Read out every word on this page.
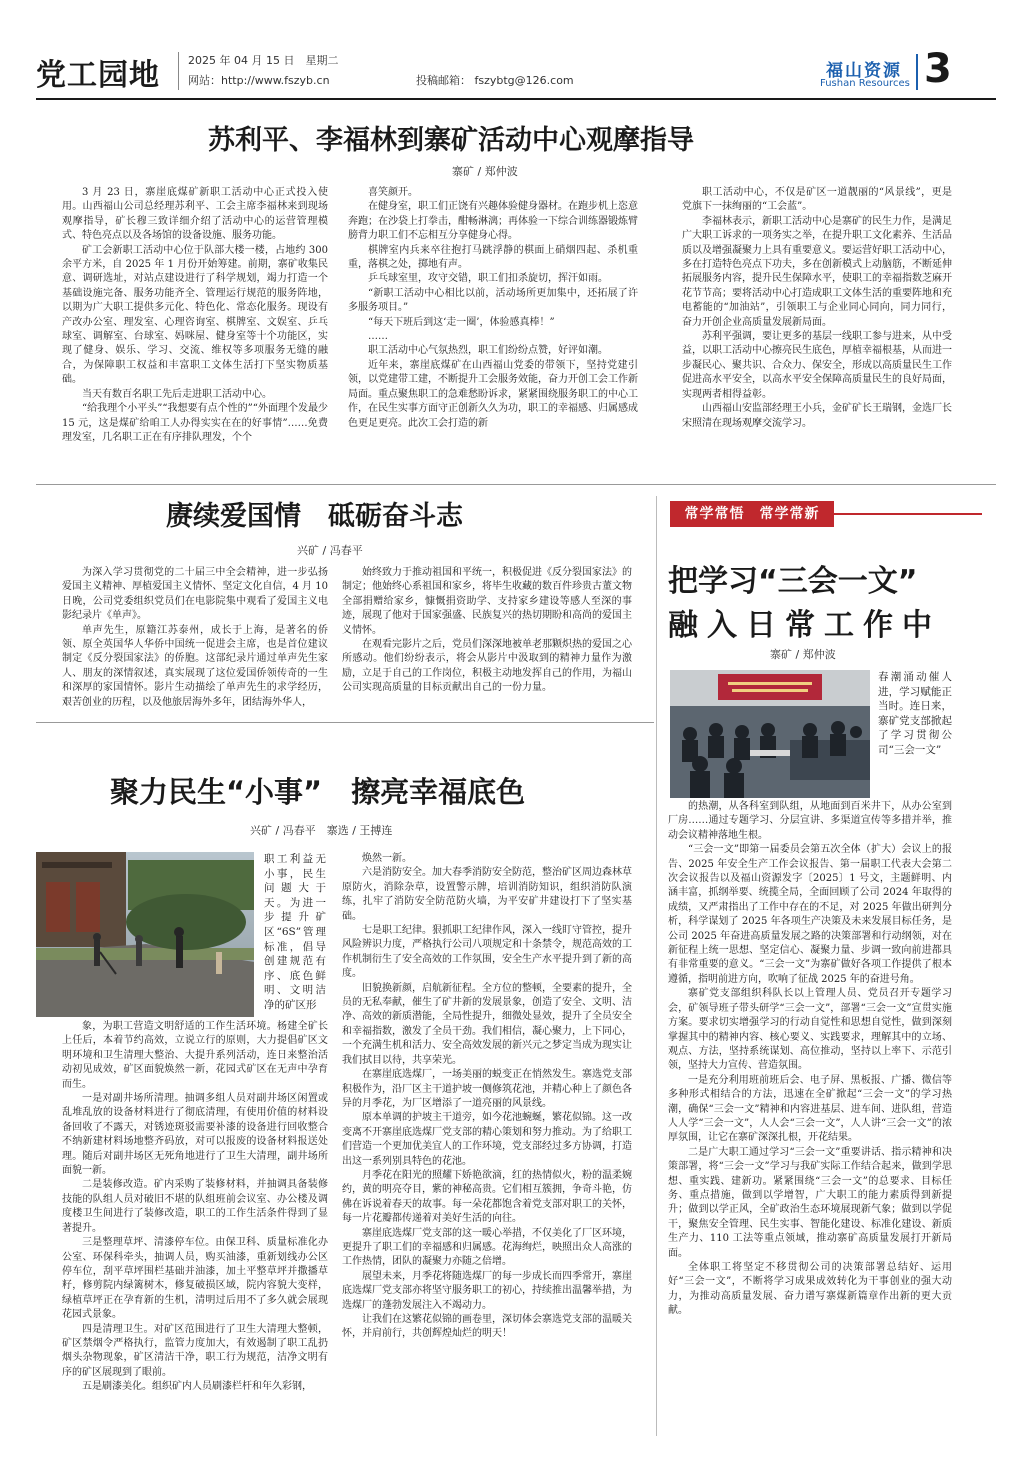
党工园地	2025 年 04 月 15 日　星期二
网站：http://www.fszyb.cn	投稿邮箱： fszybtg@126.com	福山资源
Fushan Resources 3
苏利平、李福林到寨矿活动中心观摩指导
寨矿 / 郑仲波

3 月 23 日，寨崖底煤矿新职工活动中心正式投入使用。山西福山公司总经理苏利平、工会主席李福林来到现场观摩指导，矿长穆三致详细介绍了活动中心的运营管理模式、特色亮点以及各场馆的设备设施、服务功能。

矿工会新职工活动中心位于队部大楼一楼，占地约 300 余平方米，自 2025 年 1 月份开始筹建。前期，寨矿收集民意、调研选址，对站点建设进行了科学规划，竭力打造一个基础设施完备、服务功能齐全、管理运行规范的服务阵地，以期为广大职工提供多元化、特色化、常态化服务。现设有产改办公室、理发室、心理咨询室、棋牌室、文娱室、乒乓球室、调解室、台球室、妈咪屋、健身室等十个功能区，实现了健身、娱乐、学习、交流、维权等多项服务无缝的融合，为保障职工权益和丰富职工文体生活打下坚实物质基础。

当天有数百名职工先后走进职工活动中心。

“给我理个小平头”“我想要有点个性的”“外面理个发最少 15 元，这是煤矿给咱工人办得实实在在的好事情”……免费理发室，几名职工正在有序排队理发，个个

喜笑颜开。

在健身室，职工们正饶有兴趣体验健身器材。在跑步机上恣意奔跑；在沙袋上打拳击，酣畅淋漓；再体验一下综合训练器锻炼臂膀背力职工们不忘相互分享健身心得。

棋牌室内兵来卒往抱打马跳浮静的棋面上硝烟四起、杀机重重，落棋之处，掷地有声。

乒乓球室里，攻守交错，职工们扣杀旋切，挥汗如雨。

“新职工活动中心相比以前，活动场所更加集中，还拓展了许多服务项目。”

“每天下班后到这‘走一圈’，体验感真棒！”

……

职工活动中心气氛热烈，职工们纷纷点赞，好评如潮。

近年来，寨崖底煤矿在山西福山党委的带领下，坚持党建引领，以党建带工建，不断提升工会服务效能，奋力开创工会工作新局面。重点聚焦职工的急难愁盼诉求，紧紧围绕服务职工的中心工作，在民生实事方面守正创新久久为功，职工的幸福感、归属感成色更足更亮。此次工会打造的新

职工活动中心，不仅是矿区一道靓丽的“风景线”，更是党旗下一抹绚丽的“工会蓝”。

李福林表示，新职工活动中心是寨矿的民生力作，是满足广大职工诉求的一项务实之举，在提升职工文化素养、生活品质以及增强凝聚力上具有重要意义。要运营好职工活动中心，多在打造特色亮点下功夫，多在创新模式上动脑筋，不断延伸拓展服务内容，提升民生保障水平，使职工的幸福指数芝麻开花节节高；要将活动中心打造成职工文体生活的重要阵地和充电蓄能的“加油站”，引领职工与企业同心同向，同力同行，奋力开创企业高质量发展新局面。

苏利平强调，要让更多的基层一线职工参与进来，从中受益，以职工活动中心擦亮民生底色，厚植幸福根基，从而进一步凝民心、聚共识、合众力、保安全，形成以高质量民生工作促进高水平安全，以高水平安全保障高质量民生的良好局面，实现两者相得益彰。

山西福山安监部经理王小兵，金矿矿长王瑞钢，金选厂长宋照清在现场观摩交流学习。

赓续爱国情　砥砺奋斗志
兴矿 / 冯春平

为深入学习贯彻党的二十届三中全会精神，进一步弘扬爱国主义精神、厚植爱国主义情怀、坚定文化自信，4 月 10 日晚，公司党委组织党员们在电影院集中观看了爱国主义电影纪录片《单声》。

单声先生，原籍江苏泰州，成长于上海，是著名的侨领、原全英国华人华侨中国统一促进会主席，也是首位建议制定《反分裂国家法》的侨胞。这部纪录片通过单声先生家人、朋友的深情叙述，真实展现了这位爱国侨领传奇的一生和深厚的家国情怀。影片生动描绘了单声先生的求学经历，艰苦创业的历程，以及他旅居海外多年，团结海外华人，

始终致力于推动祖国和平统一，积极促进《反分裂国家法》的制定；他始终心系祖国和家乡，将毕生收藏的数百件珍贵古董文物全部捐赠给家乡，慷慨捐资助学、支持家乡建设等感人至深的事迹，展现了他对于国家强盛、民族复兴的热切期盼和高尚的爱国主义情怀。

在观看完影片之后，党员们深深地被单老那颗炽热的爱国之心所感动。他们纷纷表示，将会从影片中汲取到的精神力量作为激励，立足于自己的工作岗位，积极主动地发挥自己的作用，为福山公司实现高质量的目标贡献出自己的一份力量。

聚力民生“小事”　擦亮幸福底色
兴矿 / 冯春平　寨选 / 王搏连
职工利益无小事，民生问题大于天。为进一步提升矿区“6S”管理标准，倡导创建规范有序、底色鲜明、文明洁净的矿区形

象，为职工营造文明舒适的工作生活环境。杨建全矿长上任后，本着节约高效，立说立行的原则，大力提倡矿区文明环境和卫生清理大整治、大提升系列活动，连日来整治活动初见成效，矿区面貌焕然一新，花园式矿区在无声中孕育而生。

一是对副井场所清理。抽调多组人员对副井场区闲置或乱堆乱放的设备材料进行了彻底清理，有使用价值的材料设备回收了不露天，对锈迹斑驳需要补漆的设备进行回收整合不纳新建材料场地整齐码放，对可以报废的设备材料报送处理。随后对副井场区无死角地进行了卫生大清理，副井场所面貌一新。

二是装修改造。矿内采购了装修材料，并抽调具备装修技能的队组人员对破旧不堪的队组班前会议室、办公楼及调度楼卫生间进行了装修改造，职工的工作生活条件得到了显著提升。

三是整理草坪、清漆停车位。由保卫科、质量标准化办公室、环保科牵头，抽调人员，购买油漆，重新划线办公区停车位，刮平草坪围栏基础并油漆，加土平整草坪并撒播草籽，修剪院内绿篱树木，修复破损区域，院内容貌大变样，绿植草坪正在孕育新的生机，清明过后用不了多久就会展现花园式景象。

四是清理卫生。对矿区范围进行了卫生大清理大整顿，矿区禁烟令严格执行，监管力度加大，有效遏制了职工乱扔烟头杂物现象，矿区清洁干净，职工行为规范，洁净文明有序的矿区展现到了眼前。

五是刷漆美化。组织矿内人员刷漆栏杆和年久彩钢，

焕然一新。

六是消防安全。加大春季消防安全防范，整治矿区周边森林草原防火，消除杂草，设置警示牌，培训消防知识，组织消防队演练，扎牢了消防安全防范防火墙，为平安矿井建设打下了坚实基础。

七是职工纪律。狠抓职工纪律作风，深入一线盯守管控，提升风险辨识力度，严格执行公司八项规定和十条禁令，规范高效的工作机制衍生了安全高效的工作氛围，安全生产水平提升到了新的高度。

旧貌换新颜，启航新征程。全方位的整顿，全要素的提升，全员的无私奉献，催生了矿井新的发展景象，创造了安全、文明、洁净、高效的新质潜能，全局性提升，细微处显效，提升了全员安全和幸福指数，激发了全员干劲。我们相信，凝心聚力，上下同心，一个充满生机和活力、安全高效发展的新兴元之梦定当成为现实让我们拭目以待，共享荣光。

在寨崖底选煤厂，一场美丽的蜕变正在悄然发生。寨选党支部积极作为，沿厂区主干道护坡一侧修筑花池，并精心种上了颜色各异的月季花，为厂区增添了一道亮丽的风景线。

原本单调的护坡主干道旁，如今花池蜿蜒，繁花似锦。这一改变离不开寨崖底选煤厂党支部的精心策划和努力推动。为了给职工们营造一个更加优美宜人的工作环境，党支部经过多方协调，打造出这一系列别具特色的花池。

月季花在阳光的照耀下娇艳欲滴，红的热情似火，粉的温柔婉约，黄的明亮夺目，紫的神秘高贵。它们相互簇拥，争奇斗艳，仿佛在诉说着春天的故事。每一朵花都饱含着党支部对职工的关怀，每一片花瓣都传递着对美好生活的向往。

寨崖底选煤厂党支部的这一暖心举措，不仅美化了厂区环境，更提升了职工们的幸福感和归属感。花海绚烂，映照出众人高涨的工作热情，团队的凝聚力亦随之倍增。

展望未来，月季花将随选煤厂的每一步成长而四季常开，寨崖底选煤厂党支部亦将坚守服务职工的初心，持续推出温馨举措，为选煤厂的蓬勃发展注入不竭动力。

让我们在这繁花似锦的画卷里，深切体会寨选党支部的温暖关怀，并肩前行，共创辉煌灿烂的明天！

常学常悟　常学常新
把学习“三会一文”
融入日常工作中
寨矿 / 郑仲波
春潮涌动催人进，学习赋能正当时。连日来，寨矿党支部掀起了学习贯彻公司“三会一文”

的热潮，从各科室到队组，从地面到百米井下，从办公室到厂房……通过专题学习、分层宣讲、多渠道宣传等多措并举，推动会议精神落地生根。

“三会一文”即第一届委员会第五次全体（扩大）会议上的报告、2025 年安全生产工作会议报告、第一届职工代表大会第二次会议报告以及福山资源发字〔2025〕1 号文，主题鲜明、内涵丰富，抓纲举要、统揽全局，全面回顾了公司 2024 年取得的成绩，又严肃指出了工作中存在的不足，对 2025 年做出研判分析，科学谋划了 2025 年各项生产决策及未来发展目标任务，是公司 2025 年奋进高质量发展之路的决策部署和行动纲领，对在新征程上统一思想、坚定信心、凝聚力量、步调一致向前进都具有非常重要的意义。“三会一文”为寨矿做好各项工作提供了根本遵循，指明前进方向，吹响了征战 2025 年的奋进号角。

寨矿党支部组织科队长以上管理人员、党员召开专题学习会，矿领导班子带头研学“三会一文”，部署“三会一文”宣贯实施方案。要求切实增强学习的行动自觉性和思想自觉性，做到深刻掌握其中的精神内容、核心要义、实践要求，理解其中的立场、观点、方法，坚持系统谋划、高位推动，坚持以上率下、示范引领，坚持大力宣传、营造氛围。

一是充分利用班前班后会、电子屏、黑板报、广播、微信等多种形式相结合的方法，迅速在全矿掀起“三会一文”的学习热潮，确保“三会一文”精神和内容进基层、进车间、进队组，营造人人学“三会一文”，人人会“三会一文”，人人讲“三会一文”的浓厚氛围，让它在寨矿深深扎根，开花结果。

二是广大职工通过学习“三会一文”重要讲话、指示精神和决策部署，将“三会一文”学习与我矿实际工作结合起来，做到学思想、重实践、建新功。紧紧围绕“三会一文”的总要求、目标任务、重点措施，做到以学增智，广大职工的能力素质得到新提升；做到以学正风，全矿政治生态环境展现新气象；做到以学促干，聚焦安全管理、民生实事、智能化建设、标准化建设、新质生产力、110 工法等重点领域，推动寨矿高质量发展打开新局面。

全体职工将坚定不移贯彻公司的决策部署总结好、运用好“三会一文”，不断将学习成果成效转化为干事创业的强大动力，为推动高质量发展、奋力谱写寨煤新篇章作出新的更大贡献。
